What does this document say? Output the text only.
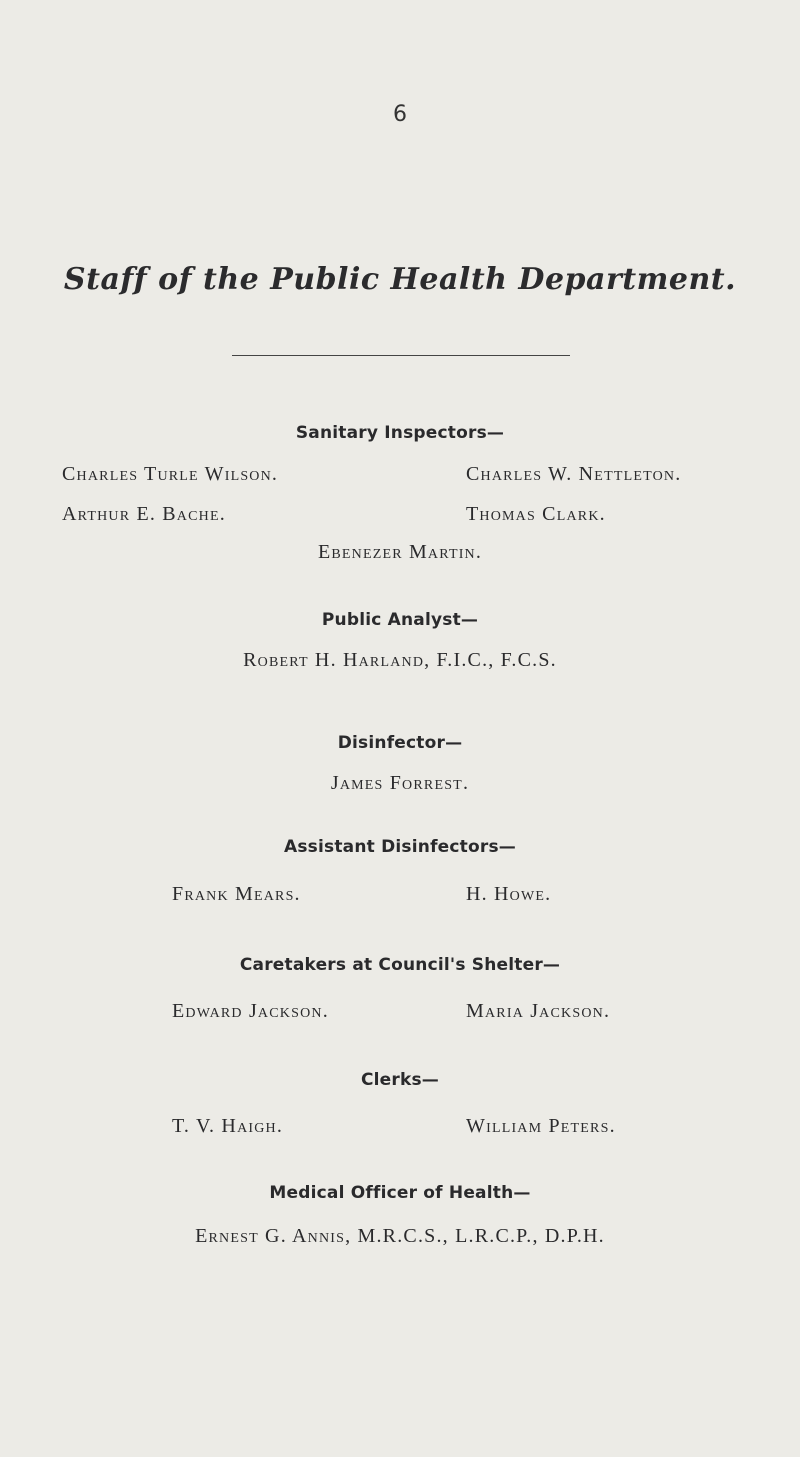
6
Staff of the Public Health Department.
Sanitary Inspectors—
Charles Turle Wilson.	Charles W. Nettleton.
Arthur E. Bache.	Thomas Clark.
Ebenezer Martin.
Public Analyst—
Robert H. Harland, F.I.C., F.C.S.
Disinfector—
James Forrest.
Assistant Disinfectors—
Frank Mears.	H. Howe.
Caretakers at Council's Shelter—
Edward Jackson.	Maria Jackson.
Clerks—
T. V. Haigh.	William Peters.
Medical Officer of Health—
Ernest G. Annis, M.R.C.S., L.R.C.P., D.P.H.
